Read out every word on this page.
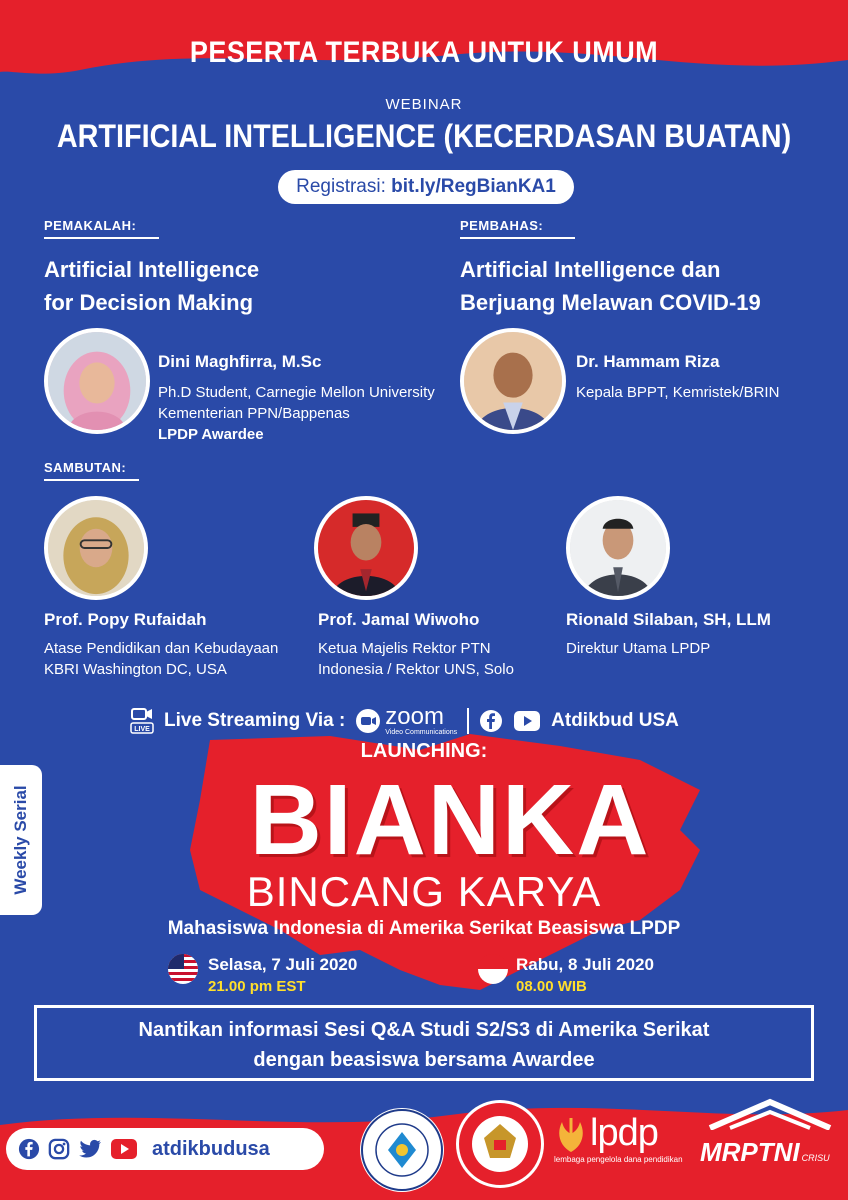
PESERTA TERBUKA UNTUK UMUM
WEBINAR
ARTIFICIAL INTELLIGENCE (KECERDASAN BUATAN)
Registrasi: bit.ly/RegBianKA1
PEMAKALAH:
Artificial Intelligence
for Decision Making
Dini Maghfirra, M.Sc
Ph.D Student, Carnegie Mellon University
Kementerian PPN/Bappenas
LPDP Awardee
PEMBAHAS:
Artificial Intelligence dan
Berjuang Melawan COVID-19
Dr. Hammam Riza
Kepala BPPT, Kemristek/BRIN
SAMBUTAN:
Prof. Popy Rufaidah
Atase Pendidikan dan Kebudayaan
KBRI Washington DC, USA
Prof. Jamal Wiwoho
Ketua Majelis Rektor PTN
Indonesia / Rektor UNS, Solo
Rionald Silaban, SH, LLM
Direktur Utama LPDP
LIVE Live Streaming Via : zoom
Video Communications
Atdikbud USA
LAUNCHING:
BIANKA
BINCANG KARYA
Mahasiswa Indonesia di Amerika Serikat Beasiswa LPDP
Weekly Serial
Selasa, 7 Juli 2020
21.00 pm EST
Rabu, 8 Juli 2020
08.00 WIB
Nantikan informasi Sesi Q&A Studi S2/S3 di Amerika Serikat
dengan beasiswa bersama Awardee
atdikbudusa	lpdp
lembaga pengelola dana pendidikan MRPTNI CRISU
